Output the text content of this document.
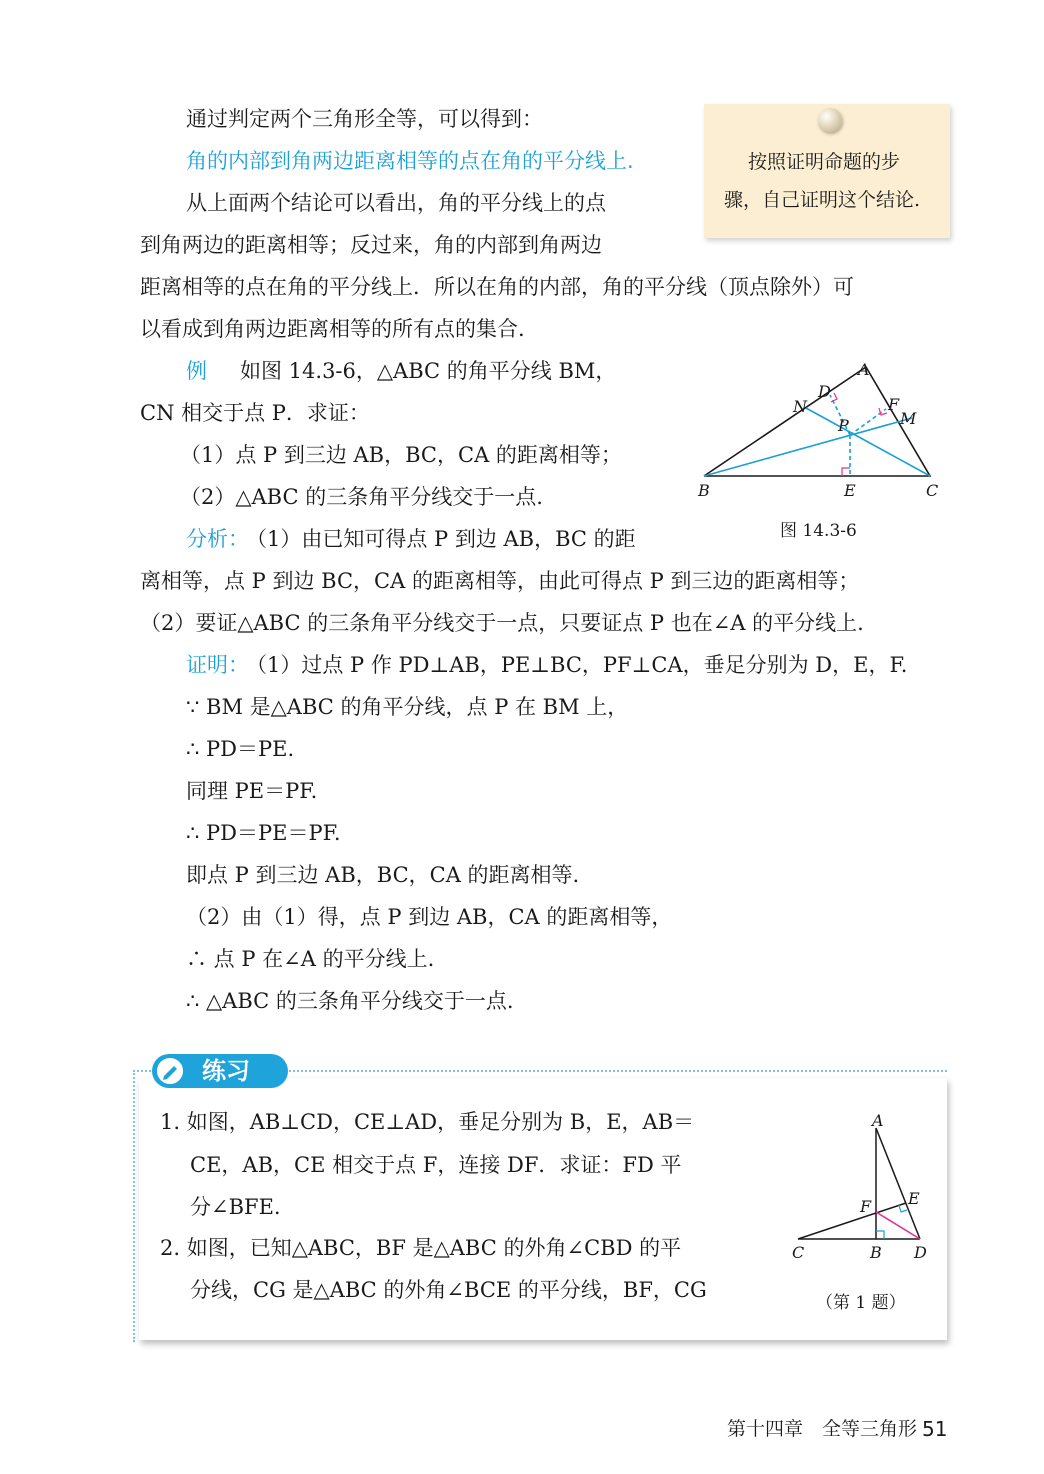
按照证明命题的步
骤，自己证明这个结论.
通过判定两个三角形全等，可以得到：
角的内部到角两边距离相等的点在角的平分线上.
从上面两个结论可以看出，角的平分线上的点
到角两边的距离相等；反过来，角的内部到角两边
距离相等的点在角的平分线上．所以在角的内部，角的平分线（顶点除外）可
以看成到角两边距离相等的所有点的集合.
例 如图 14.3-6，△ABC 的角平分线 BM，
CN 相交于点 P．求证：
（1）点 P 到三边 AB，BC，CA 的距离相等；
（2）△ABC 的三条角平分线交于一点.
A
B	C
D
E
F
M
N
P
图 14.3-6
分析：
（1）由已知可得点 P 到边 AB，BC 的距
离相等，点 P 到边 BC，CA 的距离相等，由此可得点 P 到三边的距离相等；
（2）要证△ABC 的三条角平分线交于一点，只要证点 P 也在∠A 的平分线上.
证明：
（1）过点 P 作 PD⊥AB，PE⊥BC，PF⊥CA，垂足分别为 D，E，F.
∵ BM 是△ABC 的角平分线，点 P 在 BM 上，
∴ PD＝PE.
同理 PE＝PF.
∴ PD＝PE＝PF.
即点 P 到三边 AB，BC，CA 的距离相等.
（2）由（1）得，点 P 到边 AB，CA 的距离相等，
∴ 点 P 在∠A 的平分线上.
∴ △ABC 的三条角平分线交于一点.
练习
1. 如图，AB⊥CD，CE⊥AD，垂足分别为 B，E，AB＝
CE，AB，CE 相交于点 F，连接 DF．求证：FD 平
分∠BFE.
2. 如图，已知△ABC，BF 是△ABC 的外角∠CBD 的平
分线，CG 是△ABC 的外角∠BCE 的平分线，BF，CG
A
B
C	D
E
F
（第 1 题）
第十四章　全等三角形 51
